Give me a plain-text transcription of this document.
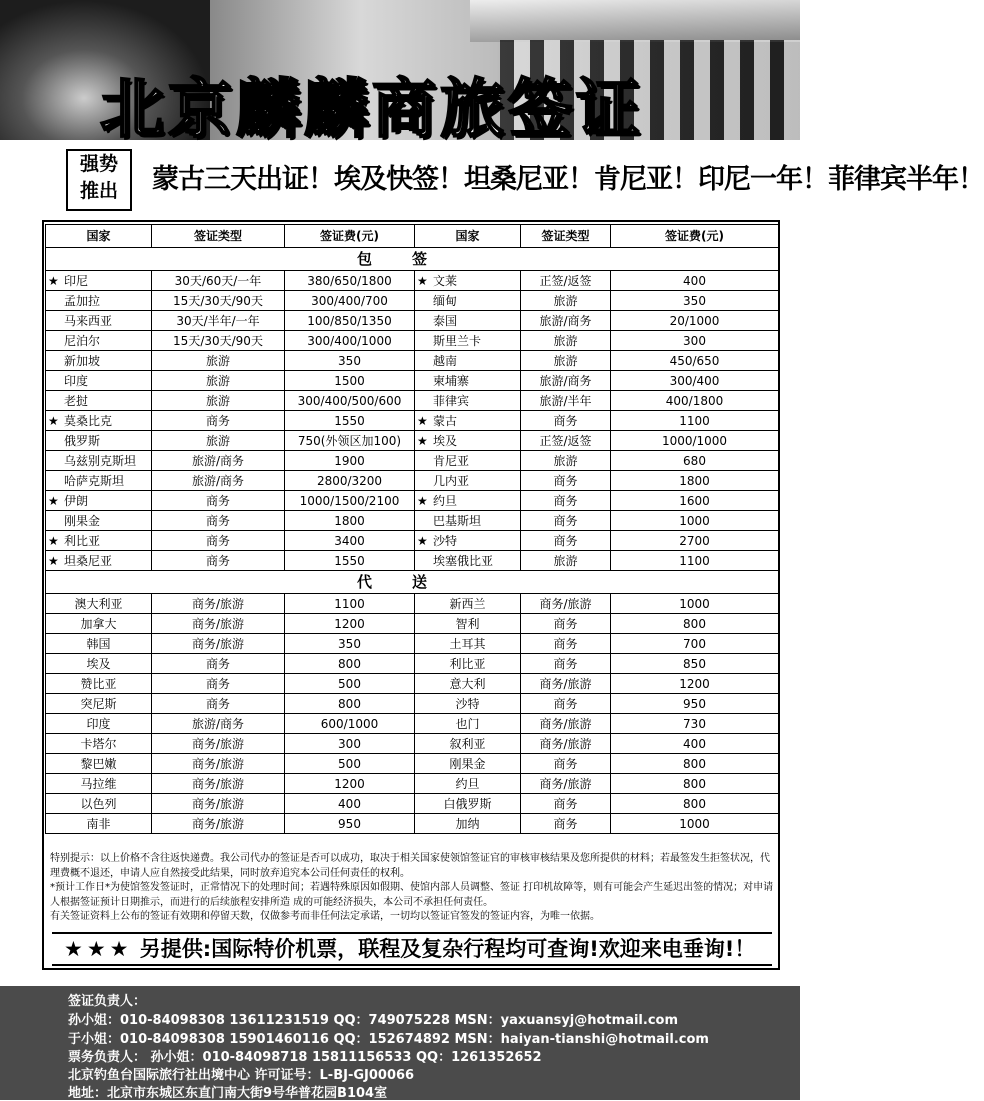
北京麟麟商旅签证
强势
推出	蒙古三天出证！埃及快签！坦桑尼亚！肯尼亚！印尼一年！菲律宾半年！
国家	签证类型	签证费(元)	国家	签证类型	签证费(元)
包签					
★ 印尼	30天/60天/一年	380/650/1800	★ 文莱	正签/返签	400
孟加拉	15天/30天/90天	300/400/700	缅甸	旅游	350
马来西亚	30天/半年/一年	100/850/1350	泰国	旅游/商务	20/1000
尼泊尔	15天/30天/90天	300/400/1000	斯里兰卡	旅游	300
新加坡	旅游	350	越南	旅游	450/650
印度	旅游	1500	柬埔寨	旅游/商务	300/400
老挝	旅游	300/400/500/600	菲律宾	旅游/半年	400/1800
★ 莫桑比克	商务	1550	★ 蒙古	商务	1100
俄罗斯	旅游	750(外领区加100)	★ 埃及	正签/返签	1000/1000
乌兹别克斯坦	旅游/商务	1900	肯尼亚	旅游	680
哈萨克斯坦	旅游/商务	2800/3200	几内亚	商务	1800
★ 伊朗	商务	1000/1500/2100	★ 约旦	商务	1600
刚果金	商务	1800	巴基斯坦	商务	1000
★ 利比亚	商务	3400	★ 沙特	商务	2700
★ 坦桑尼亚	商务	1550	埃塞俄比亚	旅游	1100
代送					
澳大利亚	商务/旅游	1100	新西兰	商务/旅游	1000
加拿大	商务/旅游	1200	智利	商务	800
韩国	商务/旅游	350	土耳其	商务	700
埃及	商务	800	利比亚	商务	850
赞比亚	商务	500	意大利	商务/旅游	1200
突尼斯	商务	800	沙特	商务	950
印度	旅游/商务	600/1000	也门	商务/旅游	730
卡塔尔	商务/旅游	300	叙利亚	商务/旅游	400
黎巴嫩	商务/旅游	500	刚果金	商务	800
马拉维	商务/旅游	1200	约旦	商务/旅游	800
以色列	商务/旅游	400	白俄罗斯	商务	800
南非	商务/旅游	950	加纳	商务	1000

特别提示：以上价格不含往返快递费。我公司代办的签证是否可以成功，取决于相关国家使领馆签证官的审核审核结果及您所提供的材料；若最签发生拒签状况，代理费概不退还，申请人应自然接受此结果，同时放弃追究本公司任何责任的权利。

*预计工作日*为使馆签发签证时，正常情况下的处理时间；若遇特殊原因如假期、使馆内部人员调整、签证 打印机故障等，则有可能会产生延迟出签的情况；对申请人根据签证预计日期推示，而进行的后续旅程安排所造 成的可能经济损失，本公司不承担任何责任。

有关签证资料上公布的签证有效期和停留天数，仅做参考而非任何法定承诺，一切均以签证官签发的签证内容，为唯一依据。

★★★ 另提供:国际特价机票，联程及复杂行程均可查询!欢迎来电垂询!！
签证负责人：
孙小姐：010-84098308 13611231519 QQ：749075228 MSN：yaxuansyj@hotmail.com
于小姐：010-84098308 15901460116 QQ：152674892 MSN：haiyan-tianshi@hotmail.com
票务负责人： 孙小姐：010-84098718 15811156533 QQ：1261352652
北京钓鱼台国际旅行社出境中心 许可证号：L-BJ-GJ00066
地址：北京市东城区东直门南大街9号华普花园B104室
